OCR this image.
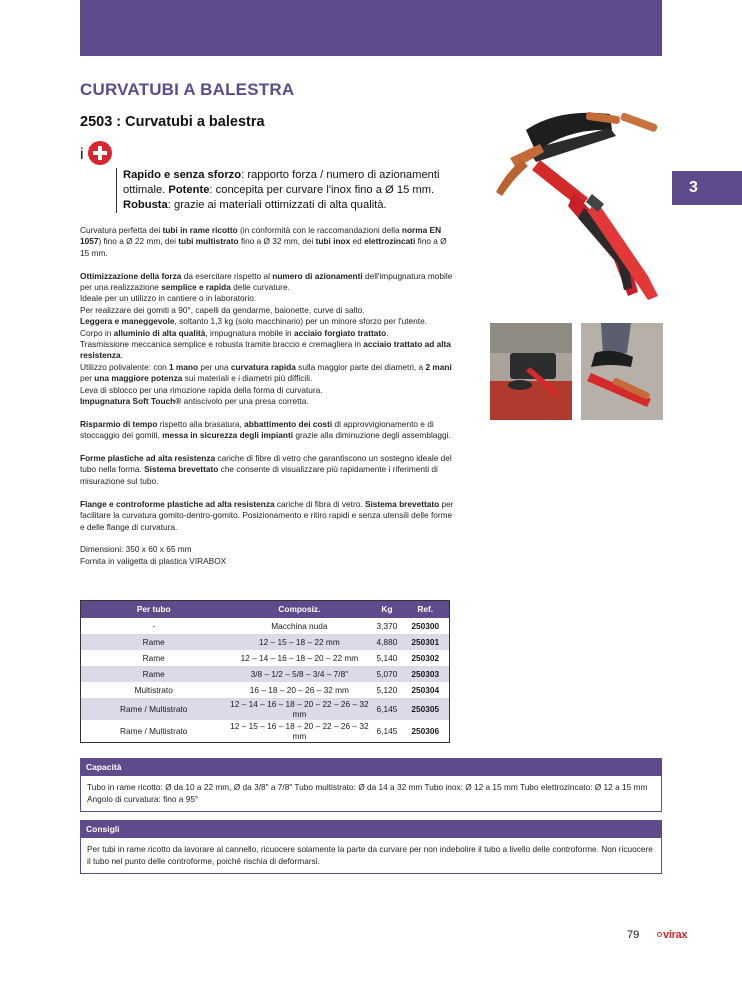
3
CURVATUBI A BALESTRA
2503 : Curvatubi a balestra
i
Rapido e senza sforzo: rapporto forza / numero di azionamenti ottimale. Potente: concepita per curvare l'inox fino a Ø 15 mm.
Robusta: grazie ai materiali ottimizzati di alta qualità.

Curvatura perfetta dei tubi in rame ricotto (in conformità con le raccomandazioni della norma EN 1057) fino a Ø 22 mm, dei tubi multistrato fino a Ø 32 mm, dei tubi inox ed elettrozincati fino a Ø 15 mm.

Ottimizzazione della forza da esercitare rispetto al numero di azionamenti dell'impugnatura mobile per una realizzazione semplice e rapida delle curvature.
Ideale per un utilizzo in cantiere o in laboratorio.
Per realizzare dei gomiti a 90°, capelli da gendarme, baionette, curve di salto.
Leggera e maneggevole, soltanto 1,3 kg (solo macchinario) per un minore sforzo per l'utente.
Corpo in alluminio di alta qualità, impugnatura mobile in acciaio forgiato trattato.
Trasmissione meccanica semplice e robusta tramite braccio e cremagliera in acciaio trattato ad alta resistenza.
Utilizzo polivalente: con 1 mano per una curvatura rapida sulla maggior parte dei diametri, a 2 mani per una maggiore potenza sui materiali e i diametri più difficili.
Leva di sblocco per una rimozione rapida della forma di curvatura.
Impugnatura Soft Touch® antiscivolo per una presa corretta.

Risparmio di tempo rispetto alla brasatura, abbattimento dei costi di approvvigionamento e di stoccaggio dei gomiti, messa in sicurezza degli impianti grazie alla diminuzione degli assemblaggi.

Forme plastiche ad alta resistenza cariche di fibre di vetro che garantiscono un sostegno ideale del tubo nella forma. Sistema brevettato che consente di visualizzare più rapidamente i riferimenti di misurazione sul tubo.

Flange e controforme plastiche ad alta resistenza cariche di fibra di vetro. Sistema brevettato per facilitare la curvatura gomito-dentro-gomito. Posizionamento e ritiro rapidi e senza utensili delle forme e delle flange di curvatura.

Dimensioni: 350 x 60 x 65 mm
Fornita in valigetta di plastica VIRABOX

Per tubo	Composiz.	Kg	Ref.
-	Macchina nuda	3,370	250300
Rame	12 – 15 – 18 – 22 mm	4,880	250301
Rame	12 – 14 – 16 – 18 – 20 – 22 mm	5,140	250302
Rame	3/8 – 1/2 – 5/8 – 3/4 – 7/8"	5,070	250303
Multistrato	16 – 18 – 20 – 26 – 32 mm	5,120	250304
Rame / Multistrato	12 – 14 – 16 – 18 – 20 – 22 – 26 – 32 mm	6,145	250305
Rame / Multistrato	12 – 15 – 16 – 18 – 20 – 22 – 26 – 32 mm	6,145	250306
Capacità
Tubo in rame ricotto: Ø da 10 a 22 mm, Ø da 3/8" a 7/8" Tubo multistrato: Ø da 14 a 32 mm Tubo inox: Ø 12 a 15 mm Tubo elettrozincato: Ø 12 a 15 mm Angolo di curvatura: fino a 95°
Consigli
Per tubi in rame ricotto da lavorare al cannello, ricuocere solamente la parte da curvare per non indebolire il tubo a livello delle controforme. Non ricuocere il tubo nel punto delle controforme, poiché rischia di deformarsi.
79	virax
